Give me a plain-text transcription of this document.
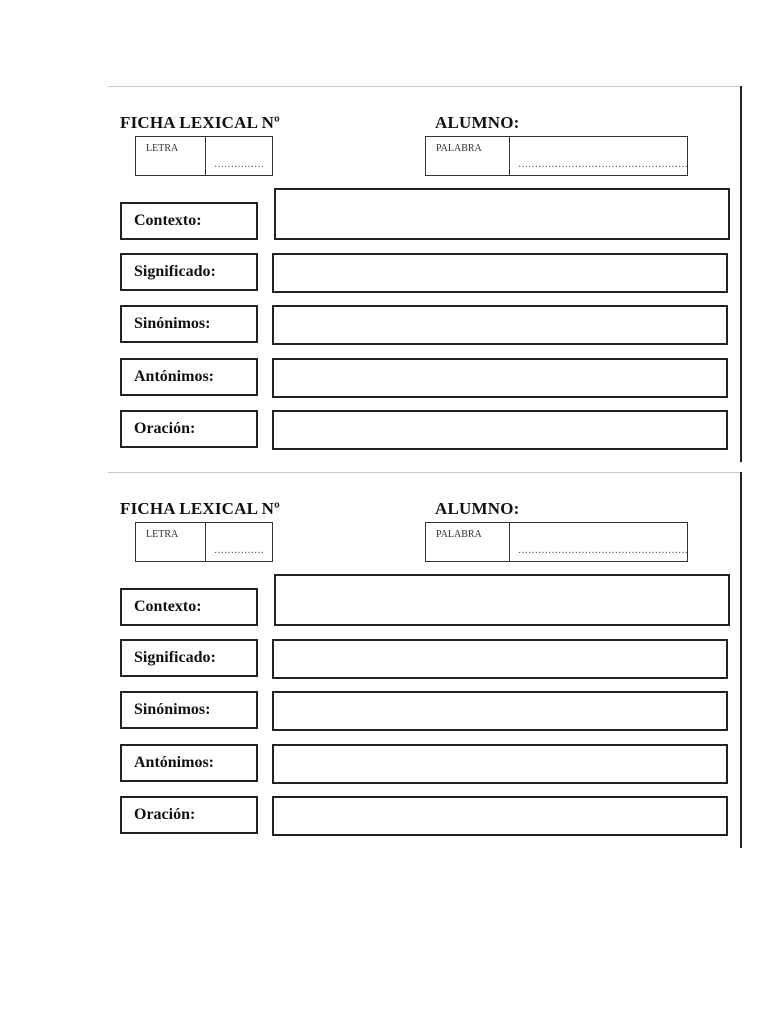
FICHA LEXICAL Nº	ALUMNO:
LETRA
……………
PALABRA
……………………………………………
Contexto:
Significado:
Sinónimos:
Antónimos:
Oración:
FICHA LEXICAL Nº	ALUMNO:
LETRA
……………
PALABRA
……………………………………………
Contexto:
Significado:
Sinónimos:
Antónimos:
Oración:
